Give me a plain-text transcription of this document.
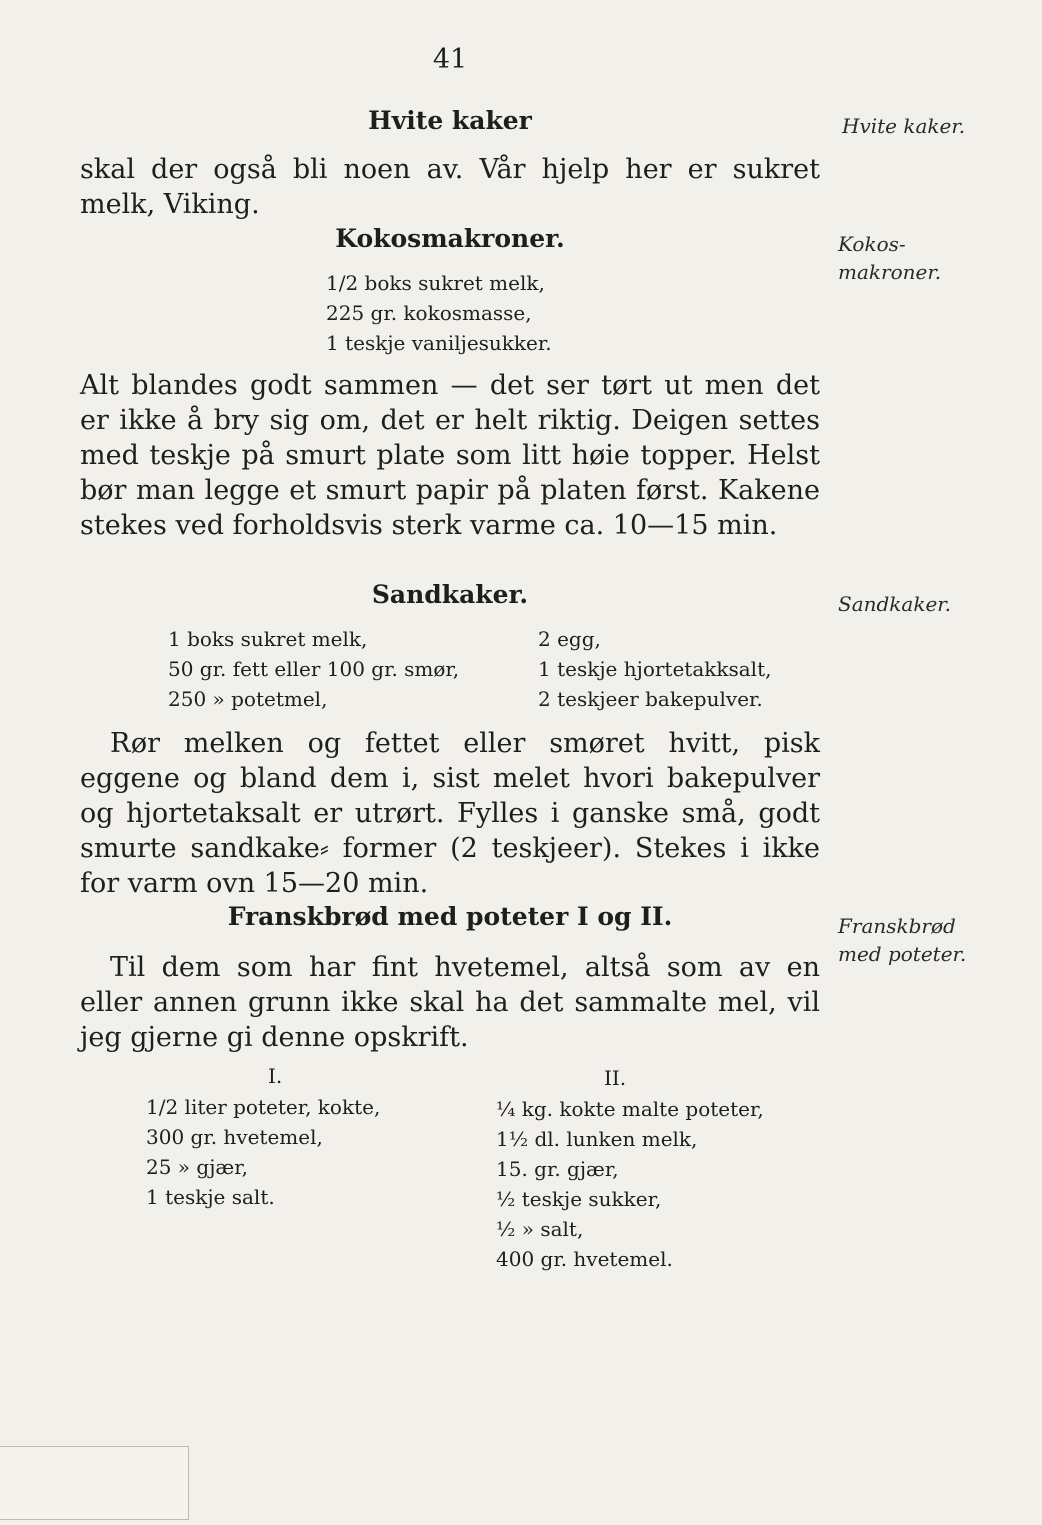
41
Hvite kaker	Hvite kaker.
skal der også bli noen av. Vår hjelp her er sukret melk, Viking.
Kokosmakroner.	Kokos-
makroner.
1/2 boks sukret melk,
225 gr. kokosmasse,
1 teskje vaniljesukker.
Alt blandes godt sammen — det ser tørt ut men det er ikke å bry sig om, det er helt riktig. Deigen settes med teskje på smurt plate som litt høie topper. Helst bør man legge et smurt papir på platen først. Kakene stekes ved forholdsvis sterk varme ca. 10—15 min.
Sandkaker.	Sandkaker.
1 boks sukret melk,
50 gr. fett eller 100 gr. smør,
250 » potetmel,
2 egg,
1 teskje hjortetakksalt,
2 teskjeer bakepulver.
Rør melken og fettet eller smøret hvitt, pisk eggene og bland dem i, sist melet hvori bakepulver og hjortetaksalt er utrørt. Fylles i ganske små, godt smurte sandkake⸗ former (2 teskjeer). Stekes i ikke for varm ovn 15—20 min.
Franskbrød med poteter I og II.	Franskbrød
med poteter.
Til dem som har fint hvetemel, altså som av en eller annen grunn ikke skal ha det sammalte mel, vil jeg gjerne gi denne opskrift.
I.
1/2 liter poteter, kokte,
300 gr. hvetemel,
25 » gjær,
1 teskje salt.
II.
¼ kg. kokte malte poteter,
1½ dl. lunken melk,
15. gr. gjær,
½ teskje sukker,
½ » salt,
400 gr. hvetemel.
